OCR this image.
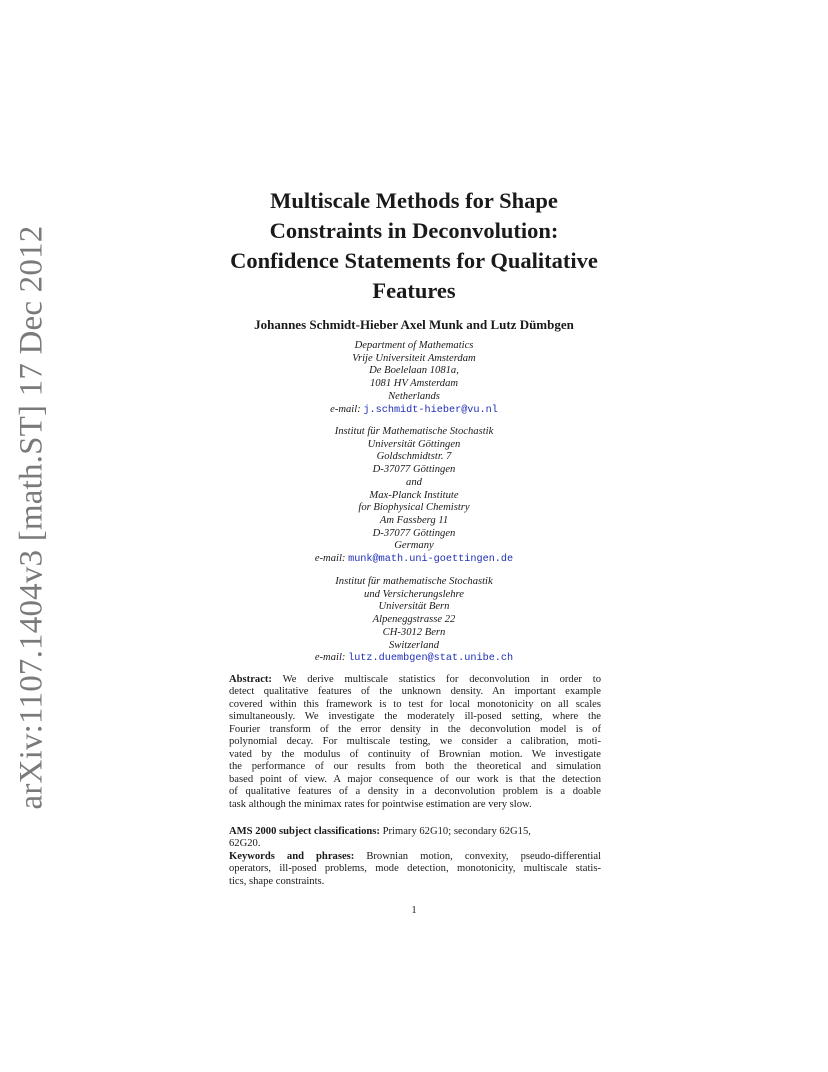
arXiv:1107.1404v3 [math.ST] 17 Dec 2012
Multiscale Methods for Shape
Constraints in Deconvolution:
Confidence Statements for Qualitative
Features
Johannes Schmidt-Hieber Axel Munk and Lutz Dümbgen
Department of Mathematics
Vrije Universiteit Amsterdam
De Boelelaan 1081a,
1081 HV Amsterdam
Netherlands
e-mail: j.schmidt-hieber@vu.nl
Institut für Mathematische Stochastik
Universität Göttingen
Goldschmidtstr. 7
D-37077 Göttingen
and
Max-Planck Institute
for Biophysical Chemistry
Am Fassberg 11
D-37077 Göttingen
Germany
e-mail: munk@math.uni-goettingen.de
Institut für mathematische Stochastik
und Versicherungslehre
Universität Bern
Alpeneggstrasse 22
CH-3012 Bern
Switzerland
e-mail: lutz.duembgen@stat.unibe.ch
Abstract: We derive multiscale statistics for deconvolution in order to
detect qualitative features of the unknown density. An important example
covered within this framework is to test for local monotonicity on all scales
simultaneously. We investigate the moderately ill-posed setting, where the
Fourier transform of the error density in the deconvolution model is of
polynomial decay. For multiscale testing, we consider a calibration, moti-
vated by the modulus of continuity of Brownian motion. We investigate
the performance of our results from both the theoretical and simulation
based point of view. A major consequence of our work is that the detection
of qualitative features of a density in a deconvolution problem is a doable
task although the minimax rates for pointwise estimation are very slow.
AMS 2000 subject classifications: Primary 62G10; secondary 62G15,
62G20.
Keywords and phrases: Brownian motion, convexity, pseudo-differential
operators, ill-posed problems, mode detection, monotonicity, multiscale statis-
tics, shape constraints.
1
